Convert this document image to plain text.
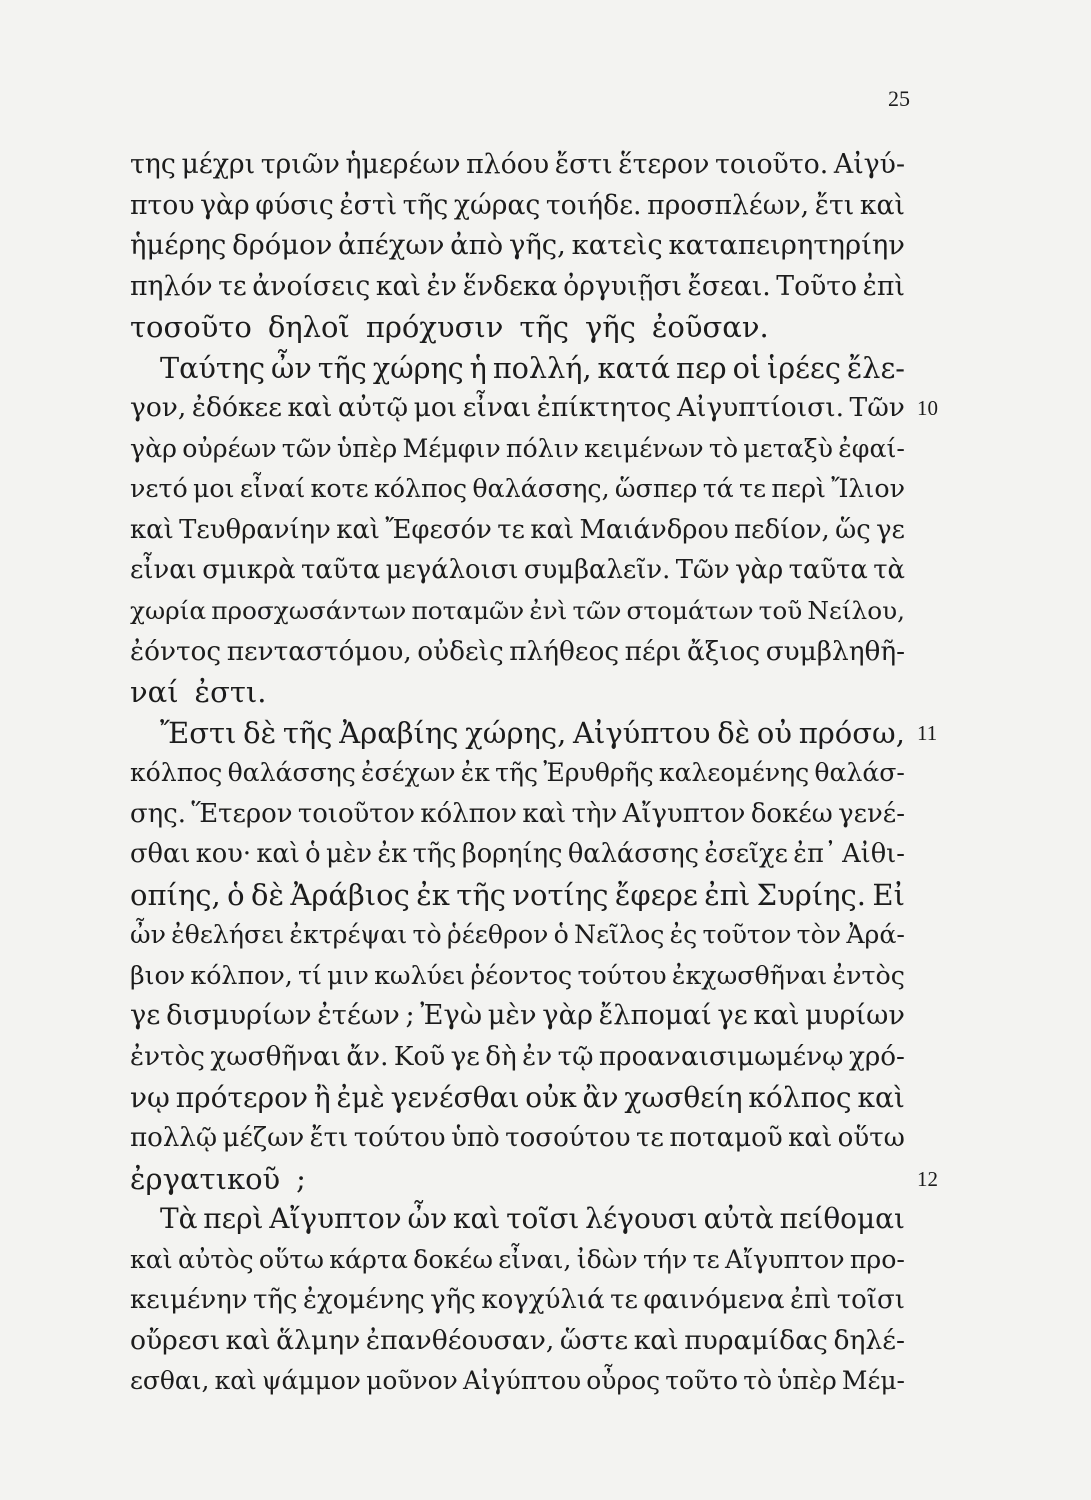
25
της μέχρι τριῶν ἡμερέων πλόου ἔστι ἕτερον τοιοῦτο. Αἰγύ-
πτου γὰρ φύσις ἐστὶ τῆς χώρας τοιήδε. προσπλέων, ἔτι καὶ
ἡμέρης δρόμον ἀπέχων ἀπὸ γῆς, κατεὶς καταπειρητηρίην
πηλόν τε ἀνοίσεις καὶ ἐν ἕνδεκα ὀργυιῇσι ἔσεαι. Τοῦτο ἐπὶ
τοσοῦτο δηλοῖ πρόχυσιν τῆς γῆς ἐοῦσαν.
Ταύτης ὦν τῆς χώρης ἡ πολλή, κατά περ οἱ ἱρέες ἔλε-
γον, ἐδόκεε καὶ αὐτῷ μοι εἶναι ἐπίκτητος Αἰγυπτίοισι. Τῶν
γὰρ οὐρέων τῶν ὑπὲρ Μέμφιν πόλιν κειμένων τὸ μεταξὺ ἐφαί-
νετό μοι εἶναί κοτε κόλπος θαλάσσης, ὥσπερ τά τε περὶ Ἴλιον
καὶ Τευθρανίην καὶ Ἔφεσόν τε καὶ Μαιάνδρου πεδίον, ὥς γε
εἶναι σμικρὰ ταῦτα μεγάλοισι συμβαλεῖν. Τῶν γὰρ ταῦτα τὰ
χωρία προσχωσάντων ποταμῶν ἐνὶ τῶν στομάτων τοῦ Νείλου,
ἐόντος πενταστόμου, οὐδεὶς πλήθεος πέρι ἄξιος συμβληθῆ-
ναί ἐστι.
Ἔστι δὲ τῆς Ἀραβίης χώρης, Αἰγύπτου δὲ οὐ πρόσω,
κόλπος θαλάσσης ἐσέχων ἐκ τῆς Ἐρυθρῆς καλεομένης θαλάσ-
σης. Ἕτερον τοιοῦτον κόλπον καὶ τὴν Αἴγυπτον δοκέω γενέ-
σθαι κου· καὶ ὁ μὲν ἐκ τῆς βορηίης θαλάσσης ἐσεῖχε ἐπ᾽ Αἰθι-
οπίης, ὁ δὲ Ἀράβιος ἐκ τῆς νοτίης ἔφερε ἐπὶ Συρίης. Εἰ
ὦν ἐθελήσει ἐκτρέψαι τὸ ῥέεθρον ὁ Νεῖλος ἐς τοῦτον τὸν Ἀρά-
βιον κόλπον, τί μιν κωλύει ῥέοντος τούτου ἐκχωσθῆναι ἐντὸς
γε δισμυρίων ἐτέων ; Ἐγὼ μὲν γὰρ ἔλπομαί γε καὶ μυρίων
ἐντὸς χωσθῆναι ἄν. Κοῦ γε δὴ ἐν τῷ προαναισιμωμένῳ χρό-
νῳ πρότερον ἢ ἐμὲ γενέσθαι οὐκ ἂν χωσθείη κόλπος καὶ
πολλῷ μέζων ἔτι τούτου ὑπὸ τοσούτου τε ποταμοῦ καὶ οὕτω
ἐργατικοῦ ;
Τὰ περὶ Αἴγυπτον ὦν καὶ τοῖσι λέγουσι αὐτὰ πείθομαι
καὶ αὐτὸς οὕτω κάρτα δοκέω εἶναι, ἰδὼν τήν τε Αἴγυπτον προ-
κειμένην τῆς ἐχομένης γῆς κογχύλιά τε φαινόμενα ἐπὶ τοῖσι
οὔρεσι καὶ ἅλμην ἐπανθέουσαν, ὥστε καὶ πυραμίδας δηλέ-
εσθαι, καὶ ψάμμον μοῦνον Αἰγύπτου οὖρος τοῦτο τὸ ὑπὲρ Μέμ-
10
11
12
